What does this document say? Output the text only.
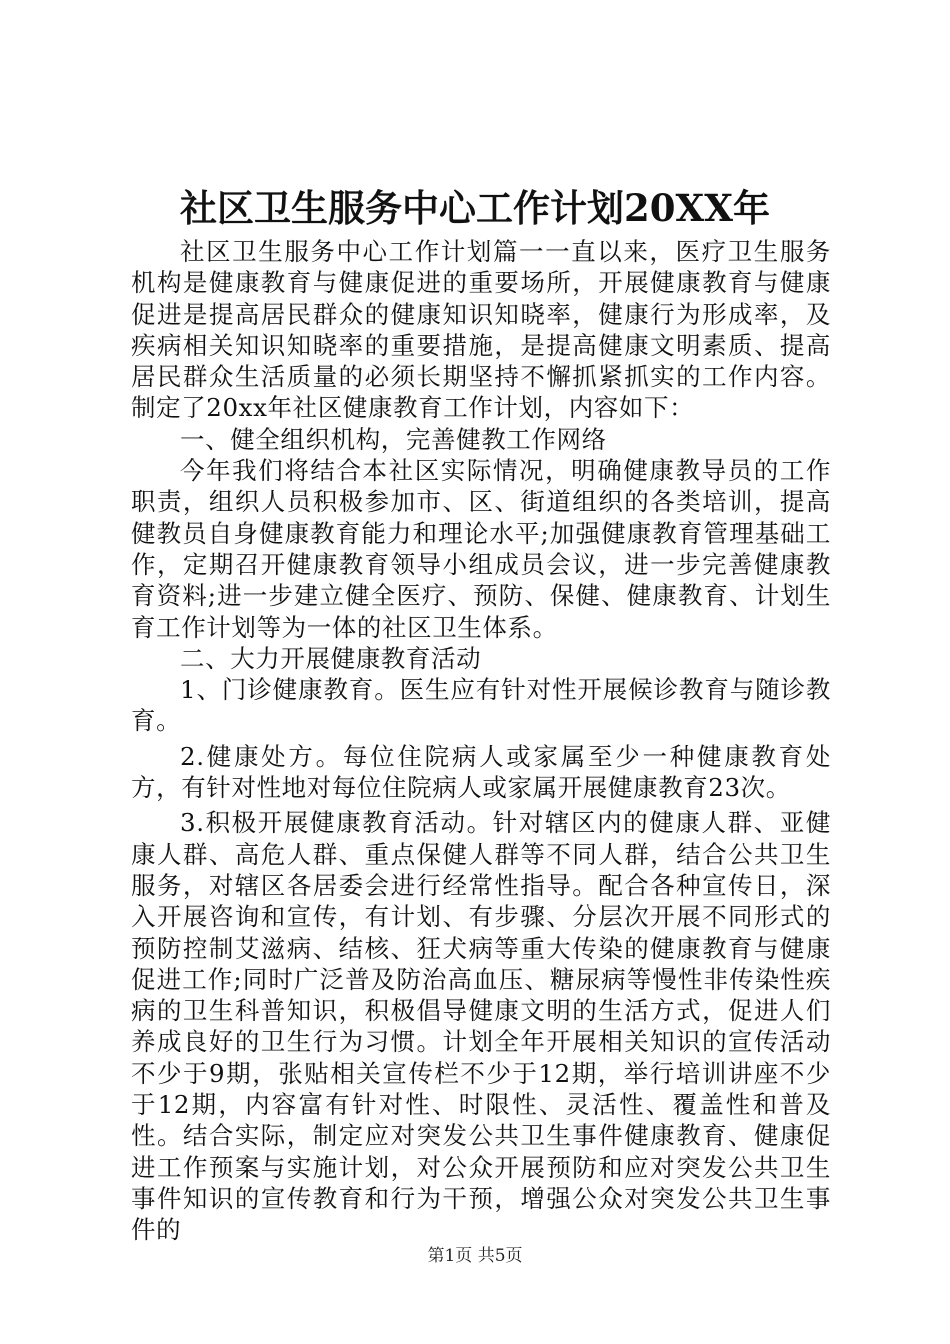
社区卫生服务中心工作计划20XX年

社区卫生服务中心工作计划篇一一直以来，医疗卫生服务机构是健康教育与健康促进的重要场所，开展健康教育与健康促进是提高居民群众的健康知识知晓率，健康行为形成率，及疾病相关知识知晓率的重要措施，是提高健康文明素质、提高居民群众生活质量的必须长期坚持不懈抓紧抓实的工作内容。制定了20xx年社区健康教育工作计划，内容如下：

一、健全组织机构，完善健教工作网络

今年我们将结合本社区实际情况，明确健康教导员的工作职责，组织人员积极参加市、区、街道组织的各类培训，提高健教员自身健康教育能力和理论水平;加强健康教育管理基础工作，定期召开健康教育领导小组成员会议，进一步完善健康教育资料;进一步建立健全医疗、预防、保健、健康教育、计划生育工作计划等为一体的社区卫生体系。

二、大力开展健康教育活动

1、门诊健康教育。医生应有针对性开展候诊教育与随诊教育。

2.健康处方。每位住院病人或家属至少一种健康教育处方，有针对性地对每位住院病人或家属开展健康教育23次。

3.积极开展健康教育活动。针对辖区内的健康人群、亚健康人群、高危人群、重点保健人群等不同人群，结合公共卫生服务，对辖区各居委会进行经常性指导。配合各种宣传日，深入开展咨询和宣传，有计划、有步骤、分层次开展不同形式的预防控制艾滋病、结核、狂犬病等重大传染的健康教育与健康促进工作;同时广泛普及防治高血压、糖尿病等慢性非传染性疾病的卫生科普知识，积极倡导健康文明的生活方式，促进人们养成良好的卫生行为习惯。计划全年开展相关知识的宣传活动不少于9期，张贴相关宣传栏不少于12期，举行培训讲座不少于12期，内容富有针对性、时限性、灵活性、覆盖性和普及性。结合实际，制定应对突发公共卫生事件健康教育、健康促进工作预案与实施计划，对公众开展预防和应对突发公共卫生事件知识的宣传教育和行为干预，增强公众对突发公共卫生事件的

第1页 共5页
